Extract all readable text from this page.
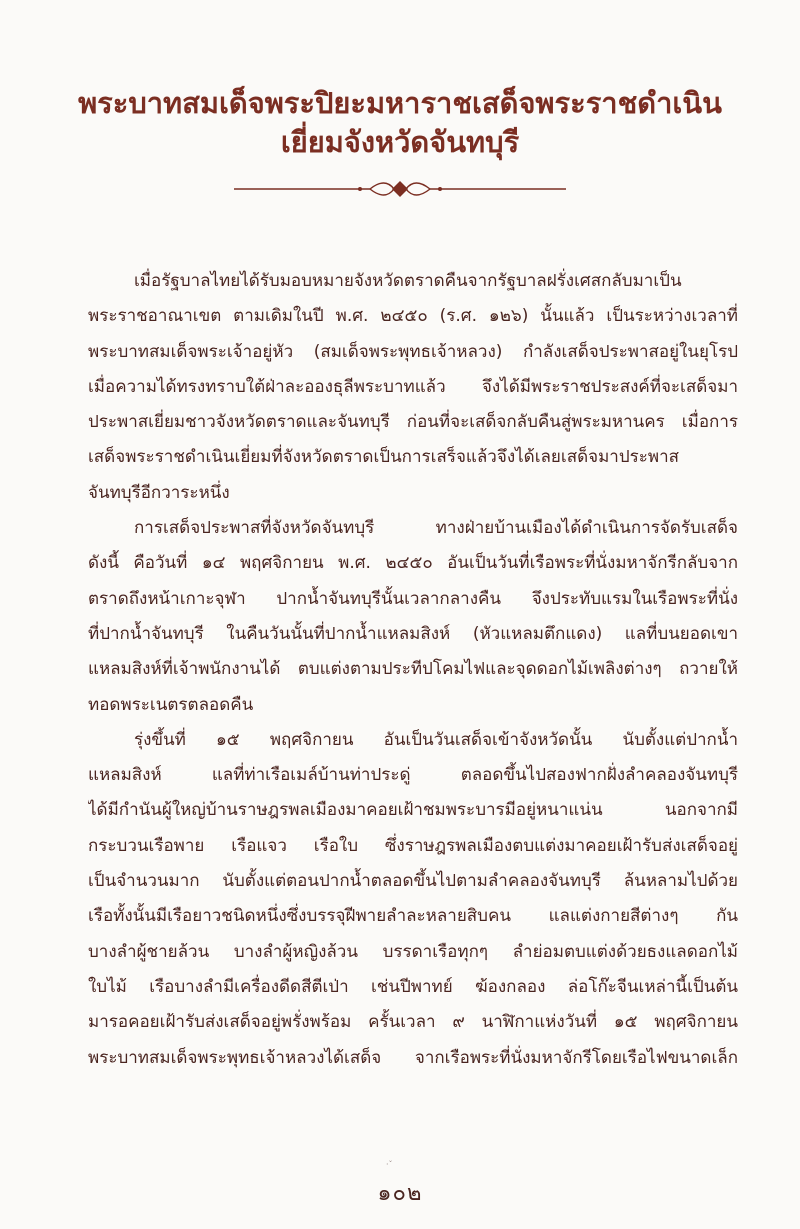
พระบาทสมเด็จพระปิยะมหาราชเสด็จพระราชดำเนิน
เยี่ยมจังหวัดจันทบุรี
เมื่อรัฐบาลไทยได้รับมอบหมายจังหวัดตราดคืนจากรัฐบาลฝรั่งเศสกลับมาเป็น
พระราชอาณาเขต ตามเดิมในปี พ.ศ. ๒๔๕๐ (ร.ศ. ๑๒๖) นั้นแล้ว เป็นระหว่างเวลาที่
พระบาทสมเด็จพระเจ้าอยู่หัว (สมเด็จพระพุทธเจ้าหลวง) กำลังเสด็จประพาสอยู่ในยุโรป
เมื่อความได้ทรงทราบใต้ฝ่าละอองธุลีพระบาทแล้ว จึงได้มีพระราชประสงค์ที่จะเสด็จมา
ประพาสเยี่ยมชาวจังหวัดตราดและจันทบุรี ก่อนที่จะเสด็จกลับคืนสู่พระมหานคร เมื่อการ
เสด็จพระราชดำเนินเยี่ยมที่จังหวัดตราดเป็นการเสร็จแล้วจึงได้เลยเสด็จมาประพาส
จันทบุรีอีกวาระหนึ่ง
การเสด็จประพาสที่จังหวัดจันทบุรี ทางฝ่ายบ้านเมืองได้ดำเนินการจัดรับเสด็จ
ดังนี้ คือวันที่ ๑๔ พฤศจิกายน พ.ศ. ๒๔๕๐ อันเป็นวันที่เรือพระที่นั่งมหาจักรีกลับจาก
ตราดถึงหน้าเกาะจุฬา ปากน้ำจันทบุรีนั้นเวลากลางคืน จึงประทับแรมในเรือพระที่นั่ง
ที่ปากน้ำจันทบุรี ในคืนวันนั้นที่ปากน้ำแหลมสิงห์ (หัวแหลมตึกแดง) แลที่บนยอดเขา
แหลมสิงห์ที่เจ้าพนักงานได้ ตบแต่งตามประทีปโคมไฟและจุดดอกไม้เพลิงต่างๆ ถวายให้
ทอดพระเนตรตลอดคืน
รุ่งขึ้นที่ ๑๕ พฤศจิกายน อันเป็นวันเสด็จเข้าจังหวัดนั้น นับตั้งแต่ปากน้ำ
แหลมสิงห์ แลที่ท่าเรือเมล์บ้านท่าประดู่ ตลอดขึ้นไปสองฟากฝั่งลำคลองจันทบุรี
ได้มีกำนันผู้ใหญ่บ้านราษฎรพลเมืองมาคอยเฝ้าชมพระบารมีอยู่หนาแน่น นอกจากมี
กระบวนเรือพาย เรือแจว เรือใบ ซึ่งราษฎรพลเมืองตบแต่งมาคอยเฝ้ารับส่งเสด็จอยู่
เป็นจำนวนมาก นับตั้งแต่ตอนปากน้ำตลอดขึ้นไปตามลำคลองจันทบุรี ล้นหลามไปด้วย
เรือทั้งนั้นมีเรือยาวชนิดหนึ่งซึ่งบรรจุฝีพายลำละหลายสิบคน แลแต่งกายสีต่างๆ กัน
บางลำผู้ชายล้วน บางลำผู้หญิงล้วน บรรดาเรือทุกๆ ลำย่อมตบแต่งด้วยธงแลดอกไม้
ใบไม้ เรือบางลำมีเครื่องดีดสีตีเป่า เช่นปีพาทย์ ฆ้องกลอง ล่อโก๊ะจีนเหล่านี้เป็นต้น
มารอคอยเฝ้ารับส่งเสด็จอยู่พรั่งพร้อม ครั้นเวลา ๙ นาฬิกาแห่งวันที่ ๑๕ พฤศจิกายน
พระบาทสมเด็จพระพุทธเจ้าหลวงได้เสด็จ จากเรือพระที่นั่งมหาจักรีโดยเรือไฟขนาดเล็ก
·ˇ
๑๐๒
